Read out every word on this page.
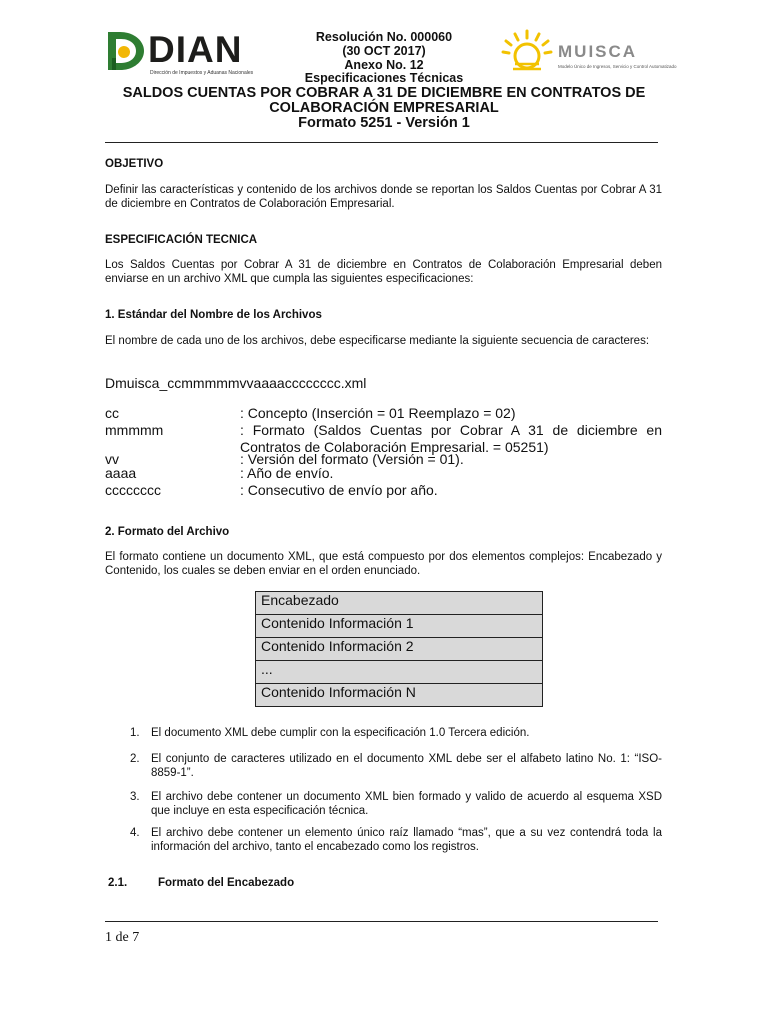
DIAN
Dirección de Impuestos y Aduanas Nacionales
MUISCA
Modelo Único de Ingresos, Servicio y Control Automatizado
Resolución No. 000060
(30 OCT 2017)
Anexo No. 12
Especificaciones Técnicas
SALDOS CUENTAS POR COBRAR A 31 DE DICIEMBRE EN CONTRATOS DE
COLABORACIÓN EMPRESARIAL
Formato 5251 - Versión 1
OBJETIVO
Definir las características y contenido de los archivos donde se reportan los Saldos Cuentas por Cobrar A 31 de diciembre en Contratos de Colaboración Empresarial.
ESPECIFICACIÓN TECNICA
Los Saldos Cuentas por Cobrar A 31 de diciembre en Contratos de Colaboración Empresarial deben enviarse en un archivo XML que cumpla las siguientes especificaciones:
1. Estándar del Nombre de los Archivos
El nombre de cada uno de los archivos, debe especificarse mediante la siguiente secuencia de caracteres:
Dmuisca_ccmmmmmvvaaaacccccccc.xml
cc	: Concepto (Inserción = 01 Reemplazo = 02)
mmmmm	: Formato (Saldos Cuentas por Cobrar A 31 de diciembre en Contratos de Colaboración Empresarial. = 05251)
vv	: Versión del formato (Versión = 01).
aaaa	: Año de envío.
cccccccc	: Consecutivo de envío por año.
2. Formato del Archivo
El formato contiene un documento XML, que está compuesto por dos elementos complejos: Encabezado y Contenido, los cuales se deben enviar en el orden enunciado.
Encabezado
Contenido Información 1
Contenido Información 2
...
Contenido Información N
1. El documento XML debe cumplir con la especificación 1.0 Tercera edición.
2. El conjunto de caracteres utilizado en el documento XML debe ser el alfabeto latino No. 1: “ISO-8859-1”.
3. El archivo debe contener un documento XML bien formado y valido de acuerdo al esquema XSD que incluye en esta especificación técnica.
4. El archivo debe contener un elemento único raíz llamado “mas”, que a su vez contendrá toda la información del archivo, tanto el encabezado como los registros.
2.1.	Formato del Encabezado
1 de 7
